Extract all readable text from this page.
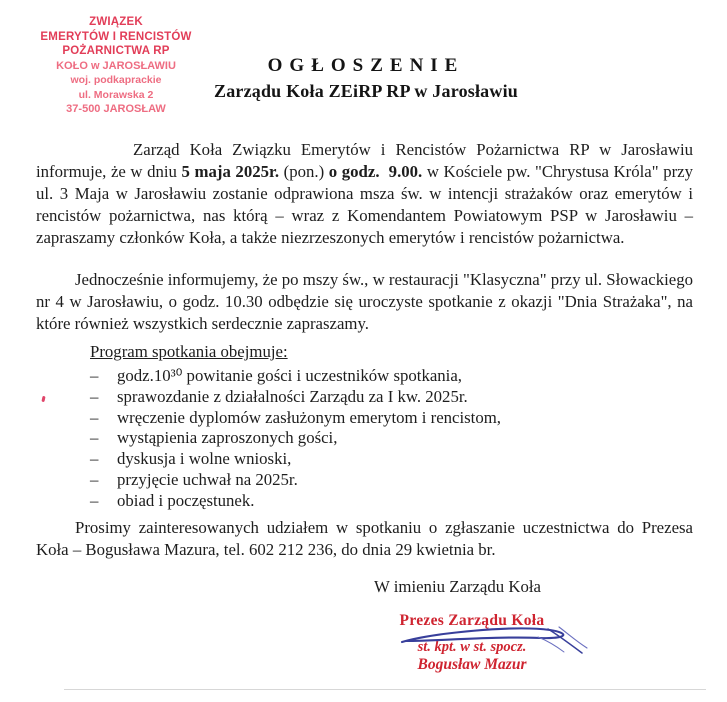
ZWIĄZEK
EMERYTÓW I RENCISTÓW POŻARNICTWA RP
KOŁO w JAROSŁAWIU
woj. podkaprackie
ul. Morawska 2
37-500 JAROSŁAW
OGŁOSZENIE
Zarządu Koła ZEiRP RP w Jarosławiu
Zarząd Koła Związku Emerytów i Rencistów Pożarnictwa RP w Jarosławiu informuje, że w dniu 5 maja 2025r. (pon.) o godz.  9.00. w Kościele pw. "Chrystusa Króla" przy ul. 3 Maja w Jarosławiu zostanie odprawiona msza św. w intencji strażaków oraz emerytów i rencistów pożarnictwa, nas którą – wraz z Komendantem Powiatowym PSP w Jarosławiu – zapraszamy członków Koła, a także niezrzeszonych emerytów i rencistów pożarnictwa.
Jednocześnie informujemy, że po mszy św., w restauracji "Klasyczna" przy ul. Słowackiego nr 4 w Jarosławiu, o godz. 10.30 odbędzie się uroczyste spotkanie z okazji "Dnia Strażaka", na które również wszystkich serdecznie zapraszamy.

Program spotkania obejmuje:

–	godz.10³⁰ powitanie gości i uczestników spotkania,
–	sprawozdanie z działalności Zarządu za I kw. 2025r.
–	wręczenie dyplomów zasłużonym emerytom i rencistom,
–	wystąpienia zaproszonych gości,
–	dyskusja i wolne wnioski,
–	przyjęcie uchwał na 2025r.
–	obiad i poczęstunek.
Prosimy zainteresowanych udziałem w spotkaniu o zgłaszanie uczestnictwa do Prezesa Koła – Bogusława Mazura, tel. 602 212 236, do dnia 29 kwietnia br.
W imieniu Zarządu Koła
Prezes Zarządu Koła
st. kpt. w st. spocz.
Bogusław Mazur
